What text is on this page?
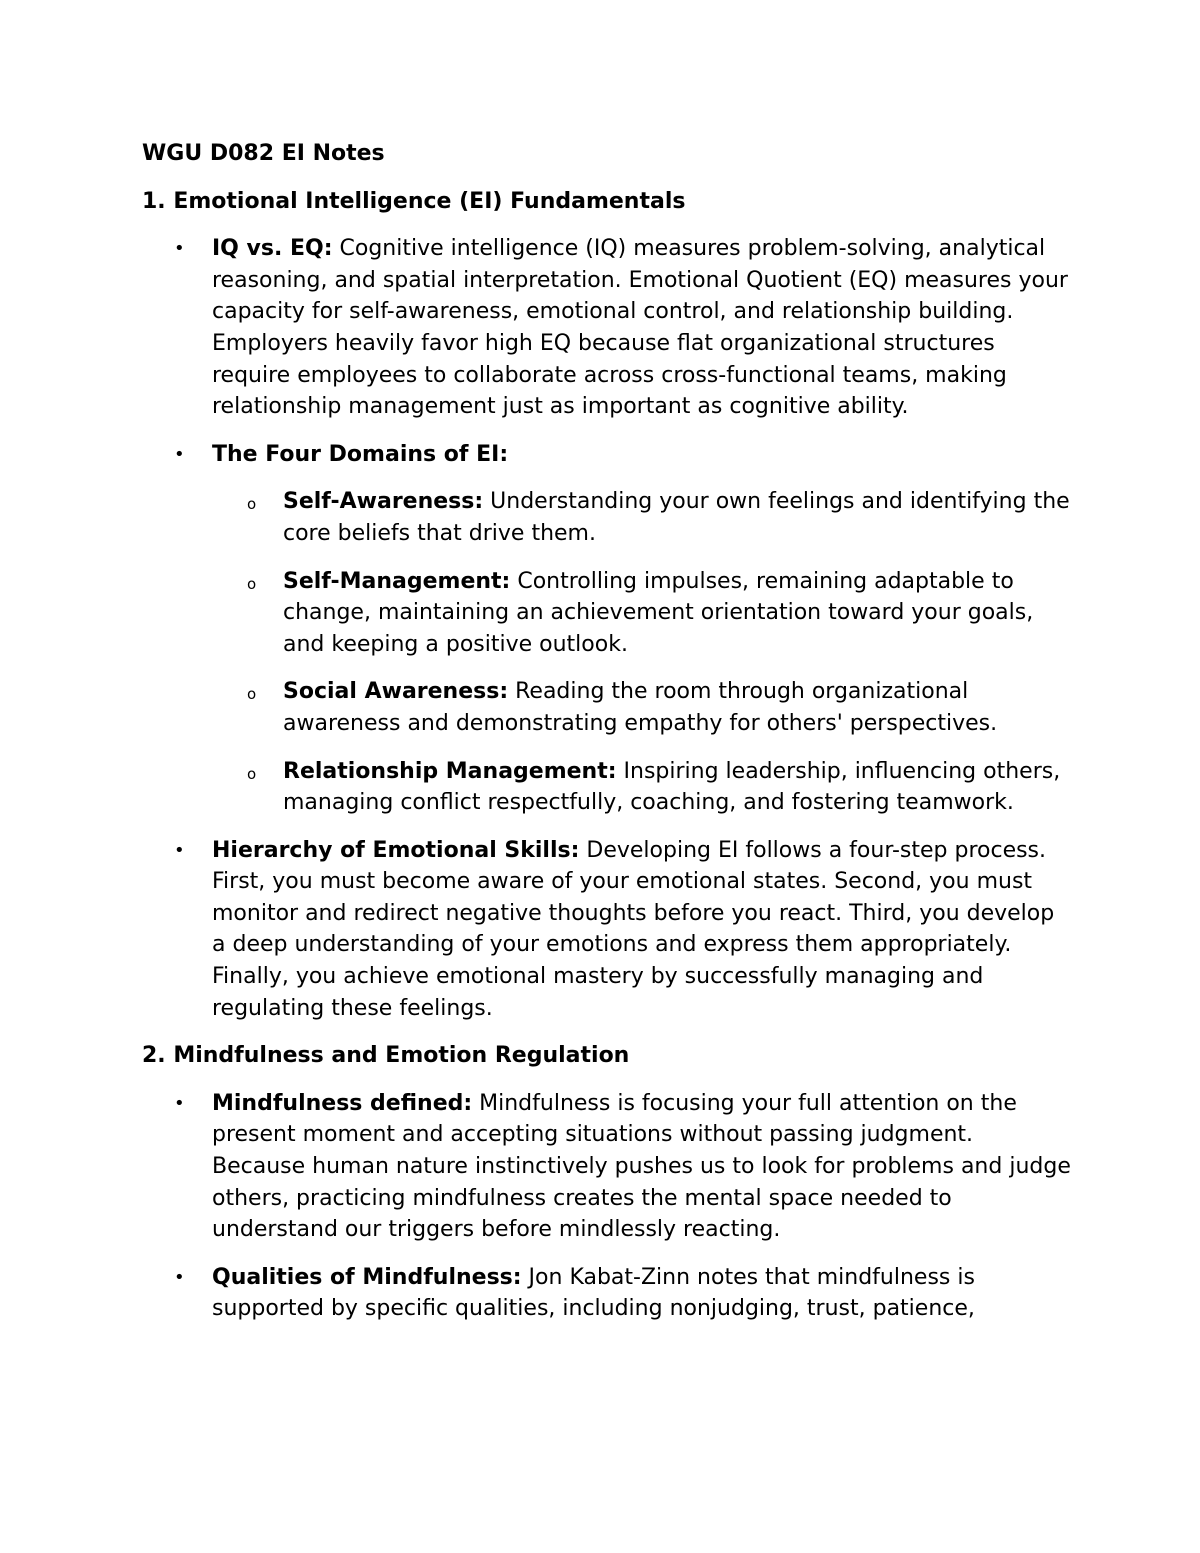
WGU D082 EI Notes
1. Emotional Intelligence (EI) Fundamentals
• IQ vs. EQ: Cognitive intelligence (IQ) measures problem-solving, analytical reasoning, and spatial interpretation. Emotional Quotient (EQ) measures your capacity for self-awareness, emotional control, and relationship building. Employers heavily favor high EQ because flat organizational structures require employees to collaborate across cross-functional teams, making relationship management just as important as cognitive ability.
• The Four Domains of EI:
o Self-Awareness: Understanding your own feelings and identifying the core beliefs that drive them.
o Self-Management: Controlling impulses, remaining adaptable to change, maintaining an achievement orientation toward your goals, and keeping a positive outlook.
o Social Awareness: Reading the room through organizational awareness and demonstrating empathy for others' perspectives.
o Relationship Management: Inspiring leadership, influencing others, managing conflict respectfully, coaching, and fostering teamwork.
• Hierarchy of Emotional Skills: Developing EI follows a four-step process. First, you must become aware of your emotional states. Second, you must monitor and redirect negative thoughts before you react. Third, you develop a deep understanding of your emotions and express them appropriately. Finally, you achieve emotional mastery by successfully managing and regulating these feelings.
2. Mindfulness and Emotion Regulation
• Mindfulness defined: Mindfulness is focusing your full attention on the present moment and accepting situations without passing judgment. Because human nature instinctively pushes us to look for problems and judge others, practicing mindfulness creates the mental space needed to understand our triggers before mindlessly reacting.
• Qualities of Mindfulness: Jon Kabat-Zinn notes that mindfulness is supported by specific qualities, including nonjudging, trust, patience,
